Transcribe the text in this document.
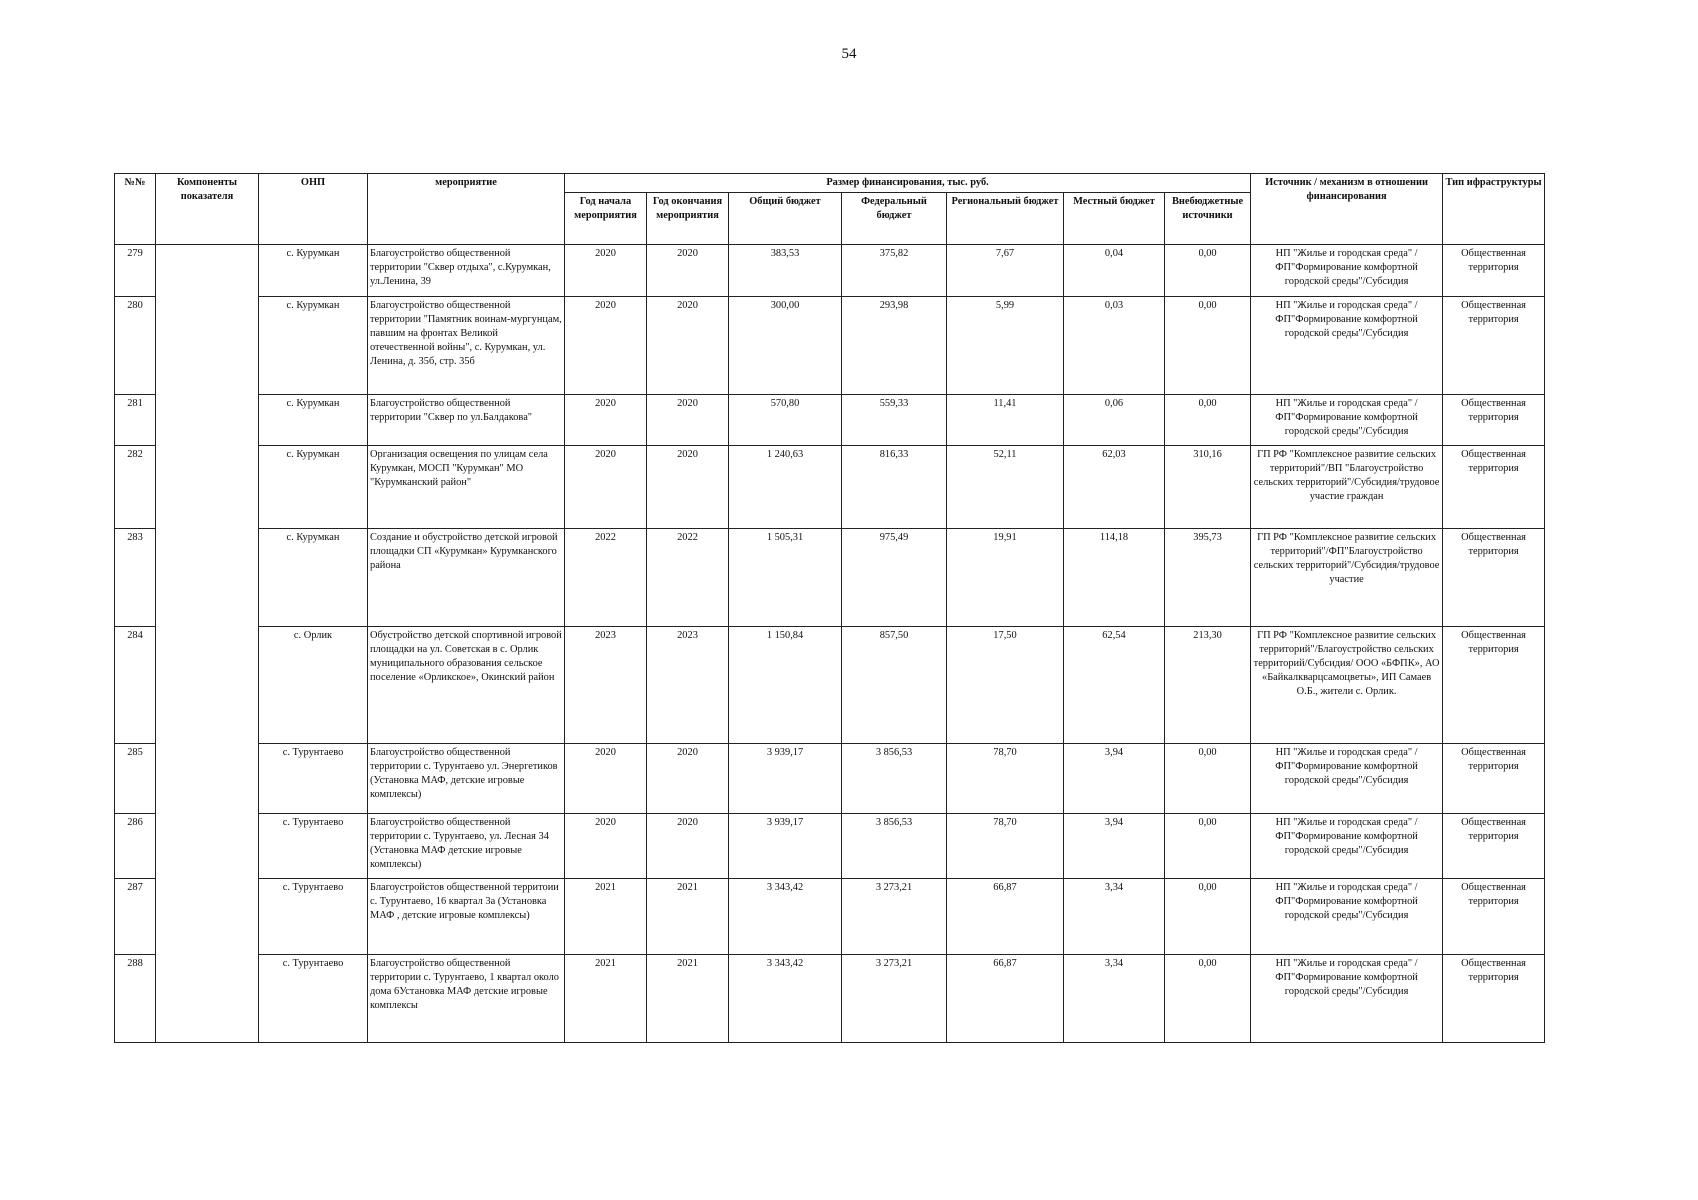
54
№№	Компоненты показателя	ОНП	мероприятие	Размер финансирования, тыс. руб.							Источник / механизм в отношении финансирования	Тип ифраструктуры
				Год начала мероприятия	Год окончания мероприятия	Общий бюджет	Федеральный бюджет	Региональный бюджет	Местный бюджет	Внебюджетные источники		
279		с. Курумкан	Благоустройство общественной территории "Сквер отдыха", с.Курумкан, ул.Ленина, 39	2020	2020	383,53	375,82	7,67	0,04	0,00	НП "Жилье и городская среда" /ФП"Формирование комфортной городской среды"/Субсидия	Общественная территория
280		с. Курумкан	Благоустройство общественной территории "Памятник воинам-мургунцам, павшим на фронтах Великой отечественной войны", с. Курумкан, ул. Ленина, д. 35б, стр. 35б	2020	2020	300,00	293,98	5,99	0,03	0,00	НП "Жилье и городская среда" /ФП"Формирование комфортной городской среды"/Субсидия	Общественная территория
281		с. Курумкан	Благоустройство общественной территории "Сквер по ул.Балдакова"	2020	2020	570,80	559,33	11,41	0,06	0,00	НП "Жилье и городская среда" /ФП"Формирование комфортной городской среды"/Субсидия	Общественная территория
282		с. Курумкан	Организация освещения по улицам села Курумкан, МОСП "Курумкан" МО "Курумканский район"	2020	2020	1 240,63	816,33	52,11	62,03	310,16	ГП РФ "Комплексное развитие сельских территорий"/ВП "Благоустройство сельских территорий"/Субсидия/трудовое участие граждан	Общественная территория
283		с. Курумкан	Создание и обустройство детской игровой площадки СП «Курумкан» Курумканского района	2022	2022	1 505,31	975,49	19,91	114,18	395,73	ГП РФ "Комплексное развитие сельских территорий"/ФП"Благоустройство сельских территорий"/Субсидия/трудовое участие	Общественная территория
284		с. Орлик	Обустройство детской спортивной игровой площадки на ул. Советская в с. Орлик муниципального образования сельское поселение «Орликское», Окинский район	2023	2023	1 150,84	857,50	17,50	62,54	213,30	ГП РФ "Комплексное развитие сельских территорий"/Благоустройство сельских территорий/Субсидия/ ООО «БФПК», АО «Байкалкварцсамоцветы», ИП Самаев О.Б., жители с. Орлик.	Общественная территория
285		с. Турунтаево	Благоустройство общественной территории с. Турунтаево ул. Энергетиков (Установка МАФ, детские игровые комплексы)	2020	2020	3 939,17	3 856,53	78,70	3,94	0,00	НП "Жилье и городская среда" /ФП"Формирование комфортной городской среды"/Субсидия	Общественная территория
286		с. Турунтаево	Благоустройство общественной территории с. Турунтаево, ул. Лесная 34 (Установка МАФ детские игровые комплексы)	2020	2020	3 939,17	3 856,53	78,70	3,94	0,00	НП "Жилье и городская среда" /ФП"Формирование комфортной городской среды"/Субсидия	Общественная территория
287		с. Турунтаево	Благоустройстов общественной территоии с. Турунтаево, 16 квартал 3а (Установка МАФ , детские игровые комплексы)	2021	2021	3 343,42	3 273,21	66,87	3,34	0,00	НП "Жилье и городская среда" /ФП"Формирование комфортной городской среды"/Субсидия	Общественная территория
288		с. Турунтаево	Благоустройство общественной территории с. Турунтаево, 1 квартал около дома 6Установка МАФ детские игровые комплексы	2021	2021	3 343,42	3 273,21	66,87	3,34	0,00	НП "Жилье и городская среда" /ФП"Формирование комфортной городской среды"/Субсидия	Общественная территория
